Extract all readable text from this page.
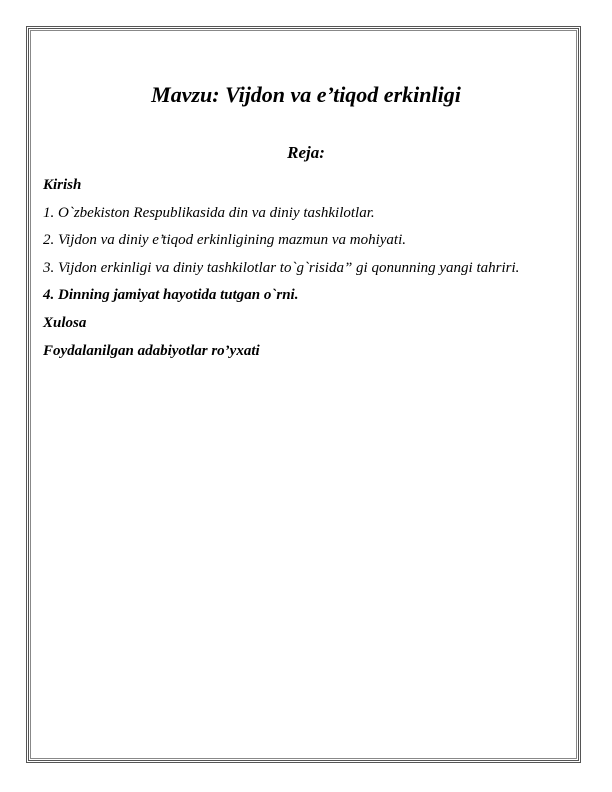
Mavzu: Vijdon va e’tiqod erkinligi
Reja:
Kirish
1. O`zbekiston Respublikasida din va diniy tashkilotlar.
2. Vijdon va diniy e’tiqod erkinligining mazmun va mohiyati.
3. Vijdon erkinligi va diniy tashkilotlar to`g`risida” gi qonunning yangi tahriri.
4. Dinning jamiyat hayotida tutgan o`rni.
Xulosa
Foydalanilgan adabiyotlar ro’yxati
